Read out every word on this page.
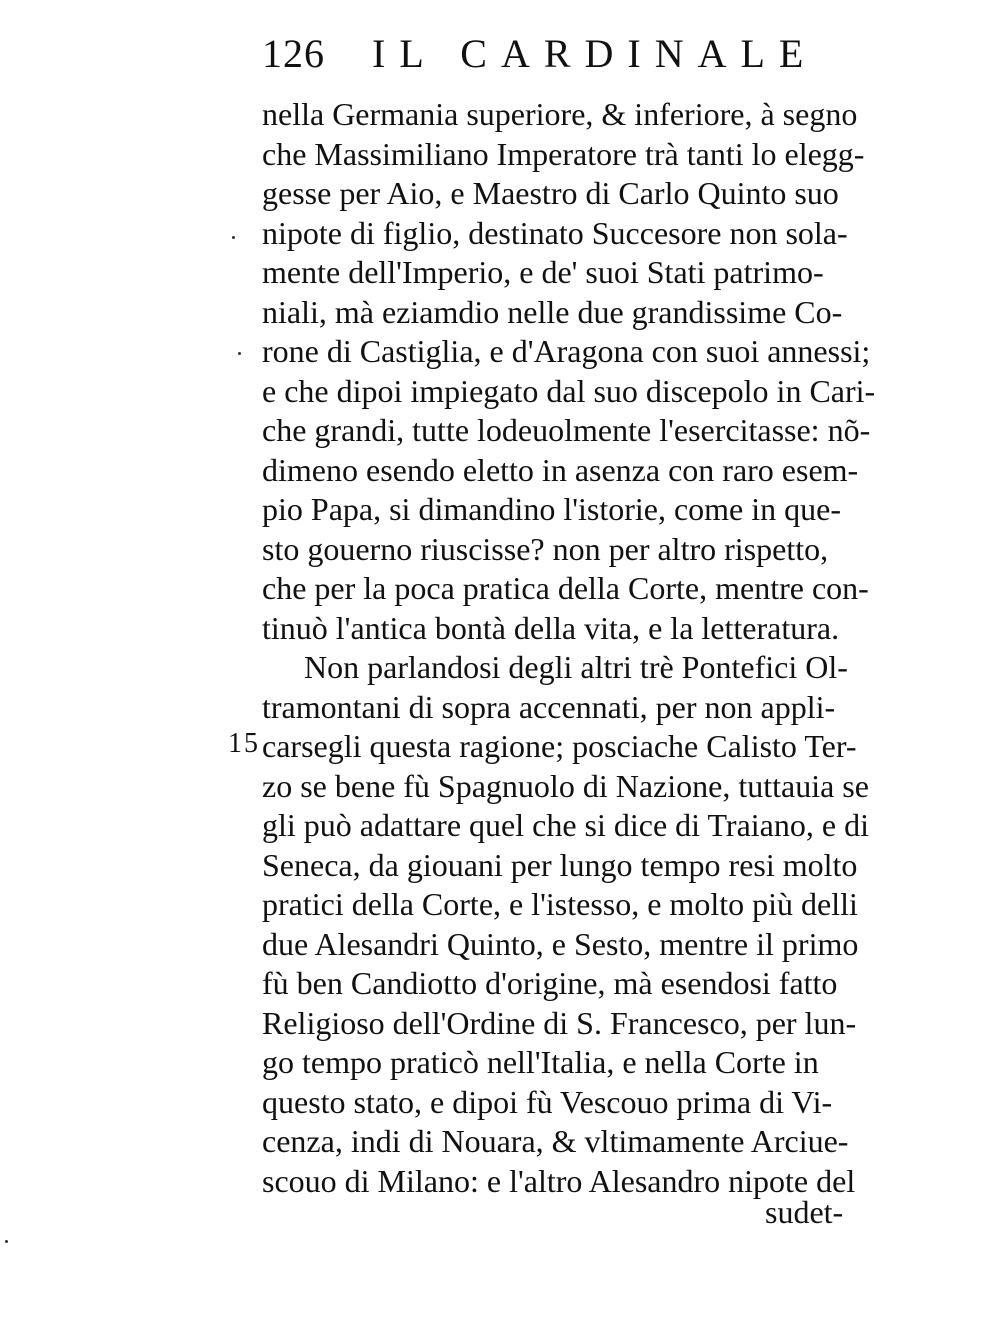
126 IL CARDINALE
15
nella Germania superiore, & inferiore, à segno
che Massimiliano Imperatore trà tanti lo elegg-
gesse per Aio, e Maestro di Carlo Quinto suo
nipote di figlio, destinato Succesore non sola-
mente dell'Imperio, e de' suoi Stati patrimo-
niali, mà eziamdio nelle due grandissime Co-
rone di Castiglia, e d'Aragona con suoi annessi;
e che dipoi impiegato dal suo discepolo in Cari-
che grandi, tutte lodeuolmente l'esercitasse: nõ-
dimeno esendo eletto in asenza con raro esem-
pio Papa, si dimandino l'istorie, come in que-
sto gouerno riuscisse? non per altro rispetto,
che per la poca pratica della Corte, mentre con-
tinuò l'antica bontà della vita, e la letteratura.
Non parlandosi degli altri trè Pontefici Ol-
tramontani di sopra accennati, per non appli-
carsegli questa ragione; posciache Calisto Ter-
zo se bene fù Spagnuolo di Nazione, tuttauia se
gli può adattare quel che si dice di Traiano, e di
Seneca, da giouani per lungo tempo resi molto
pratici della Corte, e l'istesso, e molto più delli
due Alesandri Quinto, e Sesto, mentre il primo
fù ben Candiotto d'origine, mà esendosi fatto
Religioso dell'Ordine di S. Francesco, per lun-
go tempo praticò nell'Italia, e nella Corte in
questo stato, e dipoi fù Vescouo prima di Vi-
cenza, indi di Nouara, & vltimamente Arciue-
scouo di Milano: e l'altro Alesandro nipote del
sudet-
